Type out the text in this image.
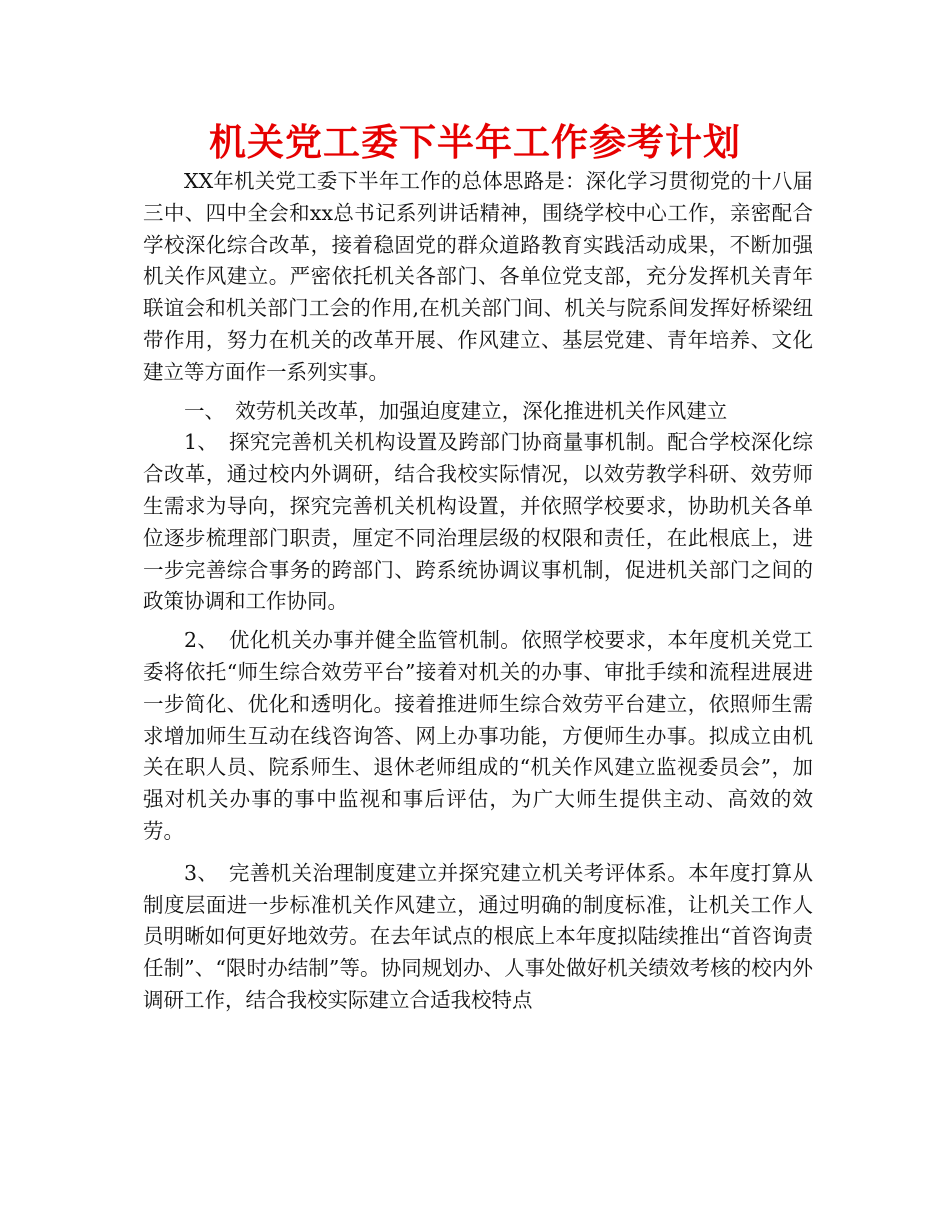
机关党工委下半年工作参考计划

XX年机关党工委下半年工作的总体思路是：深化学习贯彻党的十八届三中、四中全会和xx总书记系列讲话精神，围绕学校中心工作，亲密配合学校深化综合改革，接着稳固党的群众道路教育实践活动成果，不断加强机关作风建立。严密依托机关各部门、各单位党支部，充分发挥机关青年联谊会和机关部门工会的作用,在机关部门间、机关与院系间发挥好桥梁纽带作用，努力在机关的改革开展、作风建立、基层党建、青年培养、文化建立等方面作一系列实事。

一、　效劳机关改革，加强迫度建立，深化推进机关作风建立

1、　探究完善机关机构设置及跨部门协商量事机制。配合学校深化综合改革，通过校内外调研，结合我校实际情况，以效劳教学科研、效劳师生需求为导向，探究完善机关机构设置，并依照学校要求，协助机关各单位逐步梳理部门职责，厘定不同治理层级的权限和责任，在此根底上，进一步完善综合事务的跨部门、跨系统协调议事机制，促进机关部门之间的政策协调和工作协同。

2、　优化机关办事并健全监管机制。依照学校要求，本年度机关党工委将依托“师生综合效劳平台”接着对机关的办事、审批手续和流程进展进一步简化、优化和透明化。接着推进师生综合效劳平台建立，依照师生需求增加师生互动在线咨询答、网上办事功能，方便师生办事。拟成立由机关在职人员、院系师生、退休老师组成的“机关作风建立监视委员会”，加强对机关办事的事中监视和事后评估，为广大师生提供主动、高效的效劳。

3、　完善机关治理制度建立并探究建立机关考评体系。本年度打算从制度层面进一步标准机关作风建立，通过明确的制度标准，让机关工作人员明晰如何更好地效劳。在去年试点的根底上本年度拟陆续推出“首咨询责任制”、“限时办结制”等。协同规划办、人事处做好机关绩效考核的校内外调研工作，结合我校实际建立合适我校特点
